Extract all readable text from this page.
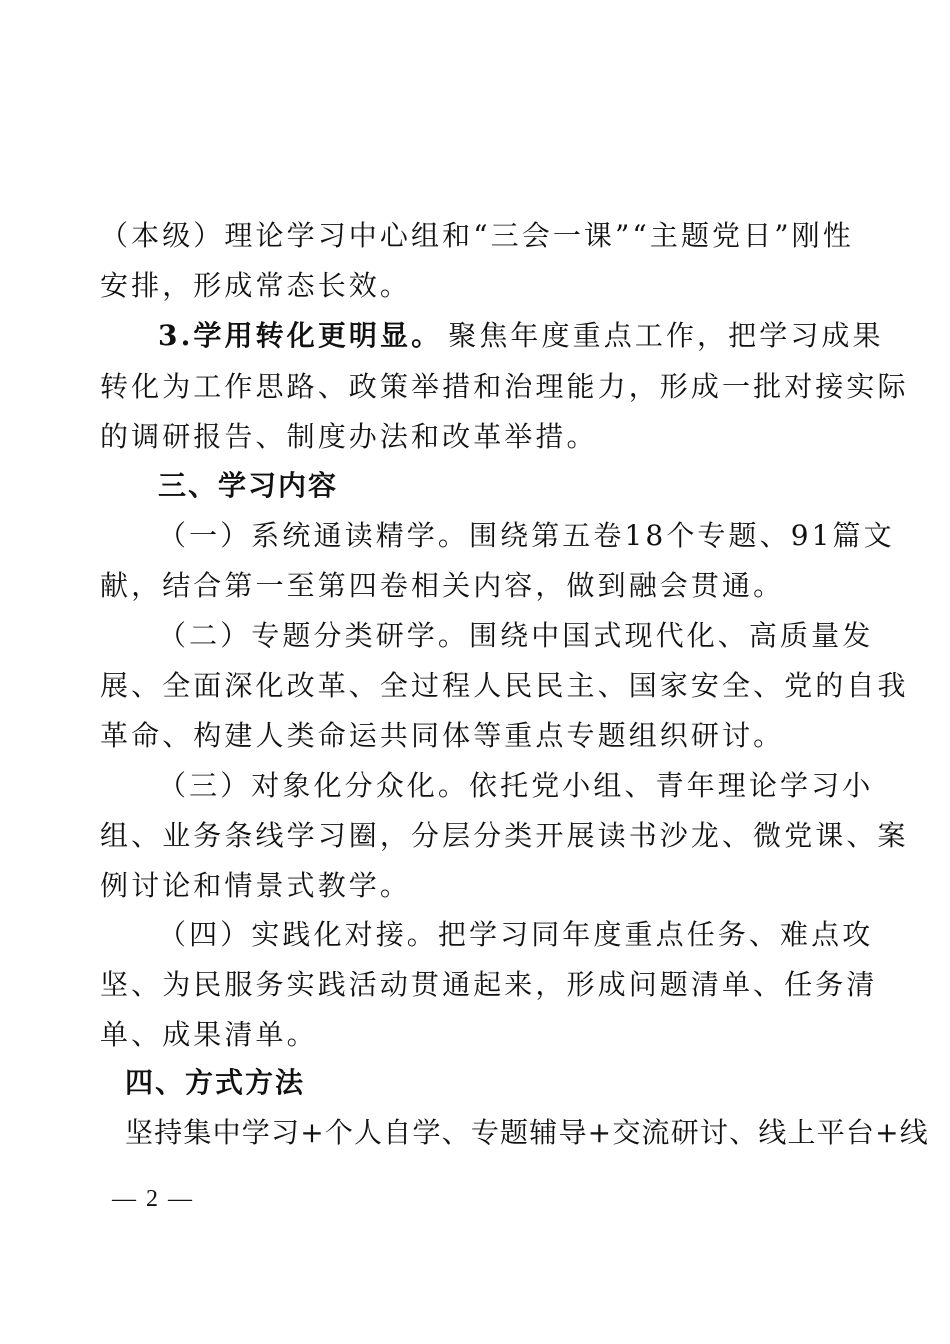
（本级）理论学习中心组和“三会一课”“主题党日”刚性
安排，形成常态长效。
3.学用转化更明显。 聚焦年度重点工作，把学习成果
转化为工作思路、政策举措和治理能力，形成一批对接实际
的调研报告、制度办法和改革举措。
三、学习内容
（一）系统通读精学。围绕第五卷18个专题、91篇文
献，结合第一至第四卷相关内容，做到融会贯通。
（二）专题分类研学。围绕中国式现代化、高质量发
展、全面深化改革、全过程人民民主、国家安全、党的自我
革命、构建人类命运共同体等重点专题组织研讨。
（三）对象化分众化。依托党小组、青年理论学习小
组、业务条线学习圈，分层分类开展读书沙龙、微党课、案
例讨论和情景式教学。
（四）实践化对接。把学习同年度重点任务、难点攻
坚、为民服务实践活动贯通起来，形成问题清单、任务清
单、成果清单。
四、方式方法
坚持集中学习+个人自学、专题辅导+交流研讨、线上平台+线
— 2 —
